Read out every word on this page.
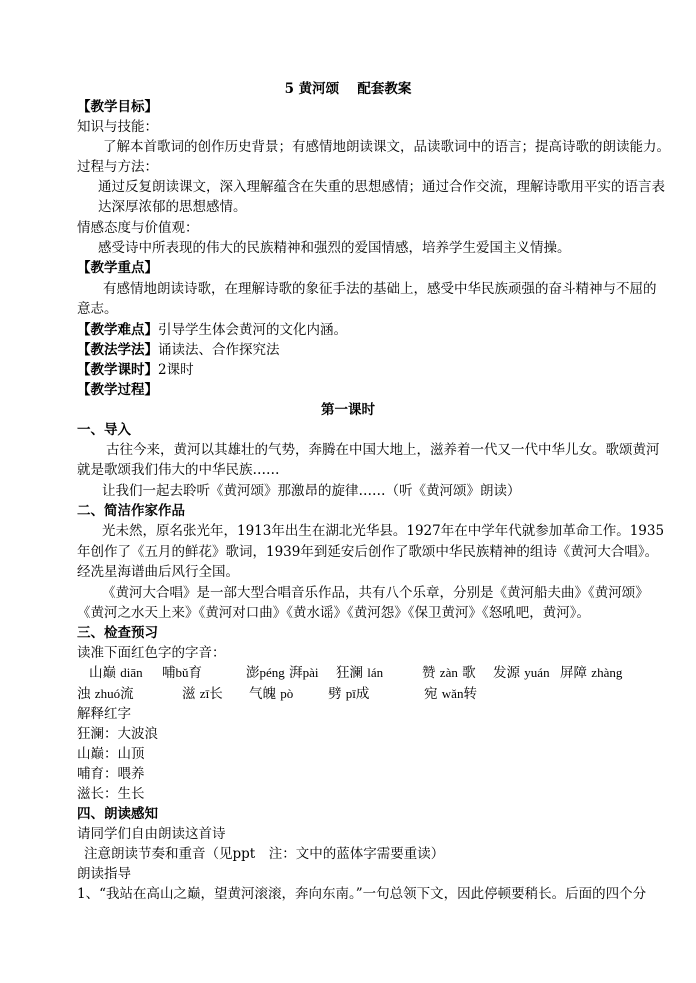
5 黄河颂　 配套教案
【教学目标】
知识与技能：
了解本首歌词的创作历史背景；有感情地朗读课文，品读歌词中的语言；提高诗歌的朗读能力。
过程与方法：
通过反复朗读课文，深入理解蕴含在失重的思想感情；通过合作交流，理解诗歌用平实的语言表
达深厚浓郁的思想感情。
情感态度与价值观：
感受诗中所表现的伟大的民族精神和强烈的爱国情感，培养学生爱国主义情操。
【教学重点】
有感情地朗读诗歌，在理解诗歌的象征手法的基础上，感受中华民族顽强的奋斗精神与不屈的
意志。
【教学难点】引导学生体会黄河的文化内涵。
【教法学法】诵读法、合作探究法
【教学课时】2课时
【教学过程】
第一课时
一、导入
古往今来，黄河以其雄壮的气势，奔腾在中国大地上，滋养着一代又一代中华儿女。歌颂黄河
就是歌颂我们伟大的中华民族……
让我们一起去聆听《黄河颂》那激昂的旋律……（听《黄河颂》朗读）
二、简洁作家作品
光未然，原名张光年，1913年出生在湖北光华县。1927年在中学年代就参加革命工作。1935
年创作了《五月的鲜花》歌词，1939年到延安后创作了歌颂中华民族精神的组诗《黄河大合唱》。
经冼星海谱曲后风行全国。
《黄河大合唱》是一部大型合唱音乐作品，共有八个乐章，分别是《黄河船夫曲》《黄河颂》
《黄河之水天上来》《黄河对口曲》《黄水谣》《黄河怨》《保卫黄河》《怒吼吧，黄河》。
三、检查预习
读准下面红色字的字音：
山巅 diān 哺bǔ育	澎péng 湃pài 狂澜 lán	赞 zàn 歌 发源 yuán 屏障 zhàng
浊 zhuó流	滋 zī长 气魄 pò	劈 pī成	宛 wǎn转
解释红字
狂澜：大波浪
山巅：山顶
哺育：喂养
滋长：生长
四、朗读感知
请同学们自由朗读这首诗
注意朗读节奏和重音（见ppt　注：文中的蓝体字需要重读）
朗读指导
1、“我站在高山之巅，望黄河滚滚，奔向东南。”一句总领下文，因此停顿要稍长。后面的四个分
